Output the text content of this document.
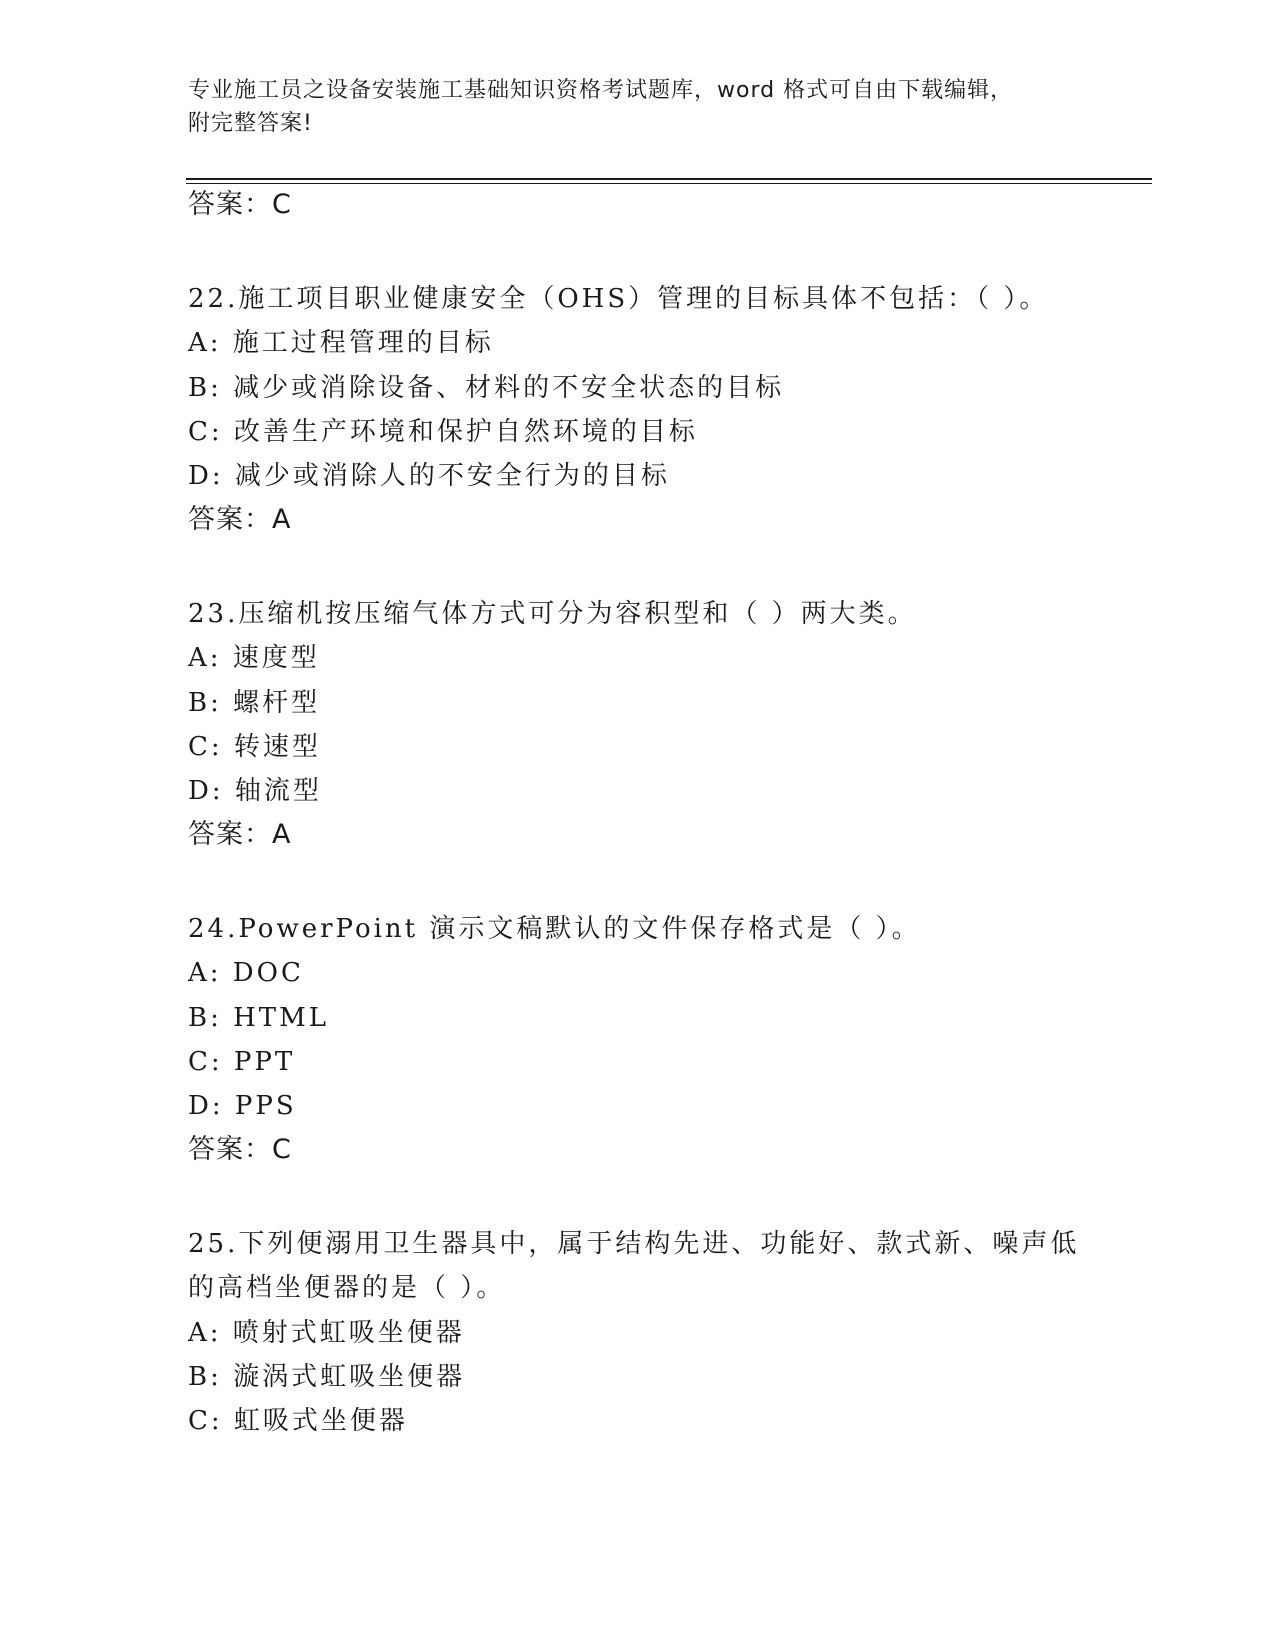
专业施工员之设备安装施工基础知识资格考试题库，word 格式可自由下载编辑，
附完整答案!
答案：C
22.施工项目职业健康安全（OHS）管理的目标具体不包括：（ ）。
A: 施工过程管理的目标
B: 减少或消除设备、材料的不安全状态的目标
C: 改善生产环境和保护自然环境的目标
D: 减少或消除人的不安全行为的目标
答案：A
23.压缩机按压缩气体方式可分为容积型和（ ）两大类。
A: 速度型
B: 螺杆型
C: 转速型
D: 轴流型
答案：A
24.PowerPoint 演示文稿默认的文件保存格式是（ ）。
A: DOC
B: HTML
C: PPT
D: PPS
答案：C
25.下列便溺用卫生器具中，属于结构先进、功能好、款式新、噪声低
的高档坐便器的是（ ）。
A: 喷射式虹吸坐便器
B: 漩涡式虹吸坐便器
C: 虹吸式坐便器
